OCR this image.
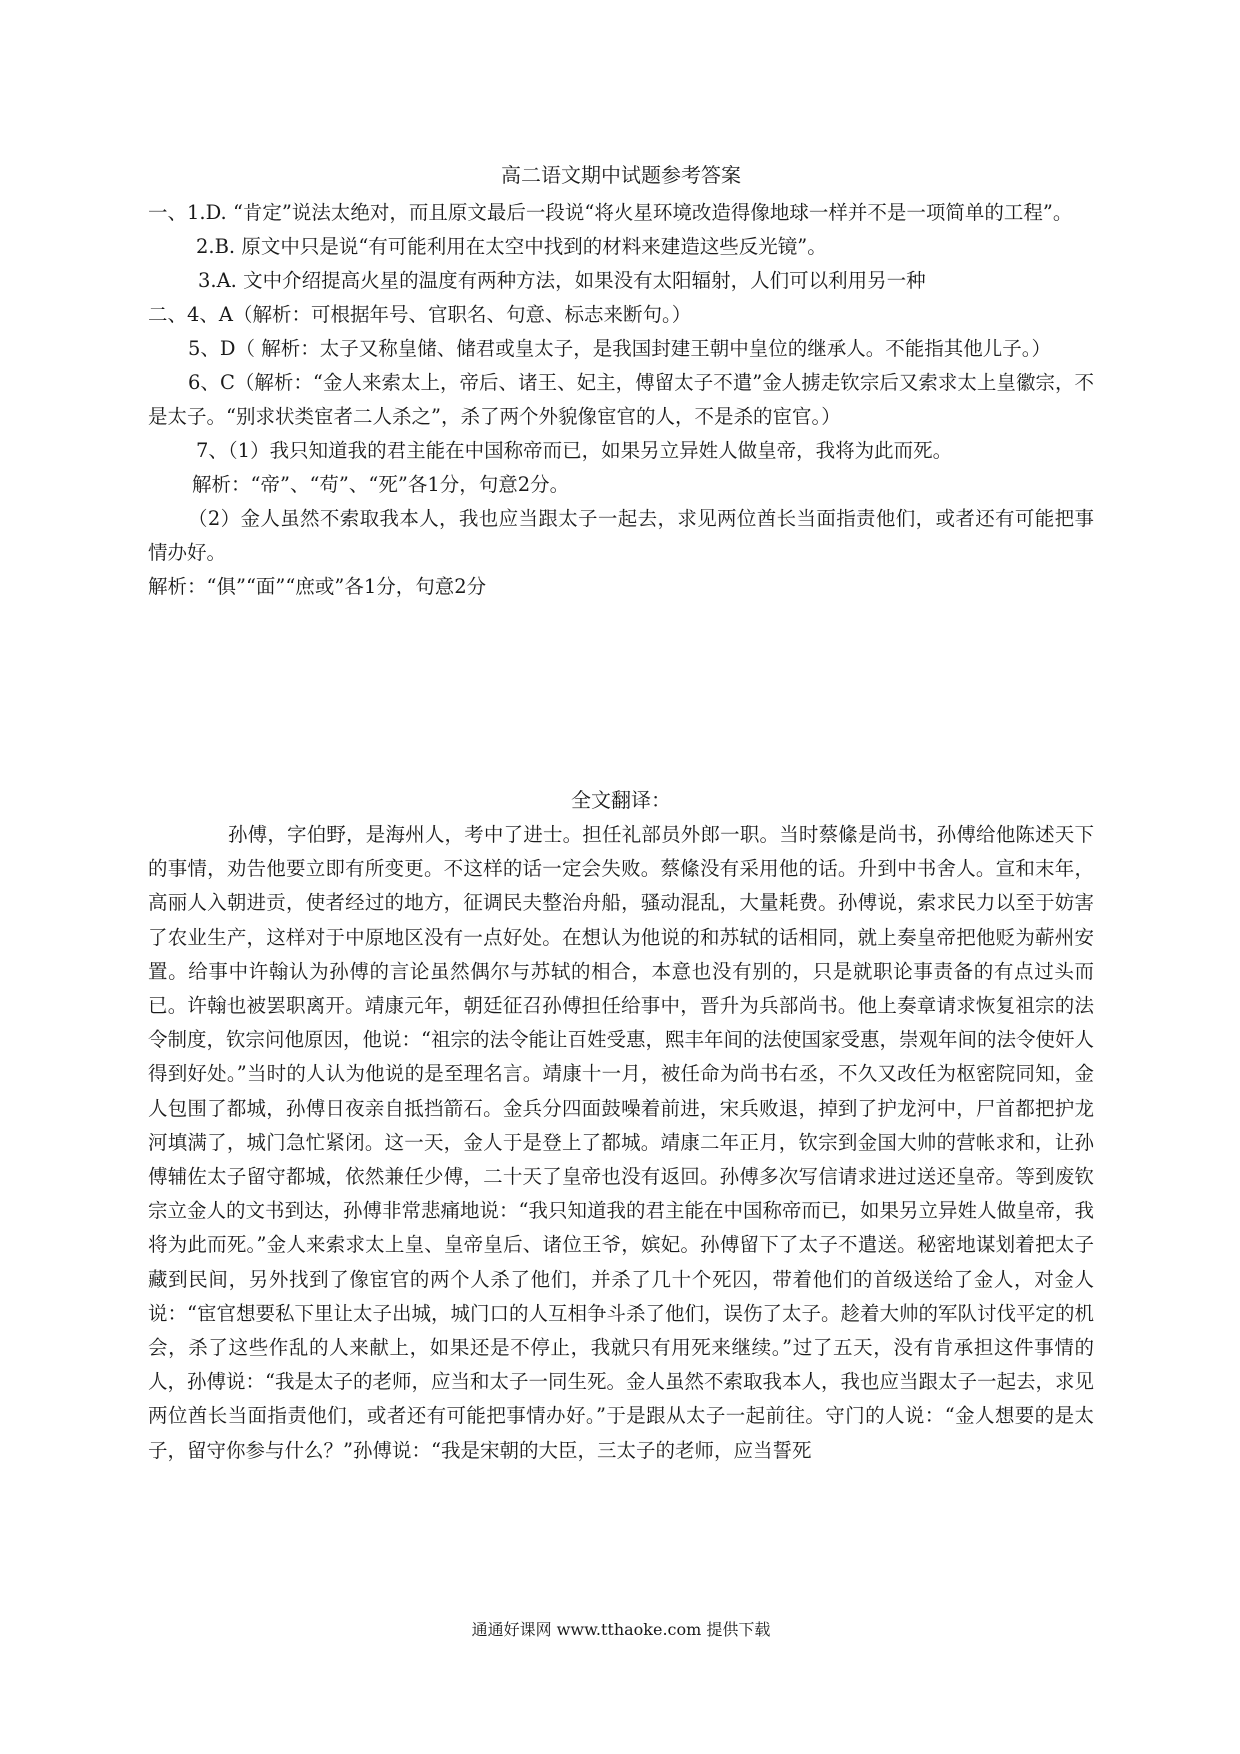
高二语文期中试题参考答案

一、1.D. “肯定”说法太绝对，而且原文最后一段说“将火星环境改造得像地球一样并不是一项简单的工程”。

2.B. 原文中只是说“有可能利用在太空中找到的材料来建造这些反光镜”。

3.A. 文中介绍提高火星的温度有两种方法，如果没有太阳辐射，人们可以利用另一种

二、4、A（解析：可根据年号、官职名、句意、标志来断句。）

5、D（ 解析：太子又称皇储、储君或皇太子，是我国封建王朝中皇位的继承人。不能指其他儿子。）

6、C（解析：“金人来索太上，帝后、诸王、妃主，傅留太子不遣”金人掳走钦宗后又索求太上皇徽宗，不是太子。“别求状类宦者二人杀之”，杀了两个外貌像宦官的人，不是杀的宦官。）

7、（1）我只知道我的君主能在中国称帝而已，如果另立异姓人做皇帝，我将为此而死。

解析：“帝”、“苟”、“死”各1分，句意2分。

（2）金人虽然不索取我本人，我也应当跟太子一起去，求见两位酋长当面指责他们，或者还有可能把事情办好。

解析：“俱”“面”“庶或”各1分，句意2分

全文翻译：

孙傅，字伯野，是海州人，考中了进士。担任礼部员外郎一职。当时蔡絛是尚书，孙傅给他陈述天下的事情，劝告他要立即有所变更。不这样的话一定会失败。蔡絛没有采用他的话。升到中书舍人。宣和末年，高丽人入朝进贡，使者经过的地方，征调民夫整治舟船，骚动混乱，大量耗费。孙傅说，索求民力以至于妨害了农业生产，这样对于中原地区没有一点好处。在想认为他说的和苏轼的话相同，就上奏皇帝把他贬为蕲州安置。给事中许翰认为孙傅的言论虽然偶尔与苏轼的相合，本意也没有别的，只是就职论事责备的有点过头而已。许翰也被罢职离开。靖康元年，朝廷征召孙傅担任给事中，晋升为兵部尚书。他上奏章请求恢复祖宗的法令制度，钦宗问他原因，他说：“祖宗的法令能让百姓受惠，熙丰年间的法使国家受惠，崇观年间的法令使奸人得到好处。”当时的人认为他说的是至理名言。靖康十一月，被任命为尚书右丞，不久又改任为枢密院同知，金人包围了都城，孙傅日夜亲自抵挡箭石。金兵分四面鼓噪着前进，宋兵败退，掉到了护龙河中，尸首都把护龙河填满了，城门急忙紧闭。这一天，金人于是登上了都城。靖康二年正月，钦宗到金国大帅的营帐求和，让孙傅辅佐太子留守都城，依然兼任少傅，二十天了皇帝也没有返回。孙傅多次写信请求进过送还皇帝。等到废钦宗立金人的文书到达，孙傅非常悲痛地说：“我只知道我的君主能在中国称帝而已，如果另立异姓人做皇帝，我将为此而死。”金人来索求太上皇、皇帝皇后、诸位王爷，嫔妃。孙傅留下了太子不遣送。秘密地谋划着把太子藏到民间，另外找到了像宦官的两个人杀了他们，并杀了几十个死囚，带着他们的首级送给了金人，对金人说：“宦官想要私下里让太子出城，城门口的人互相争斗杀了他们，误伤了太子。趁着大帅的军队讨伐平定的机会，杀了这些作乱的人来献上，如果还是不停止，我就只有用死来继续。”过了五天，没有肯承担这件事情的人，孙傅说：“我是太子的老师，应当和太子一同生死。金人虽然不索取我本人，我也应当跟太子一起去，求见两位酋长当面指责他们，或者还有可能把事情办好。”于是跟从太子一起前往。守门的人说：“金人想要的是太子，留守你参与什么？”孙傅说：“我是宋朝的大臣，三太子的老师，应当誓死

通通好课网 www.tthaoke.com 提供下载
